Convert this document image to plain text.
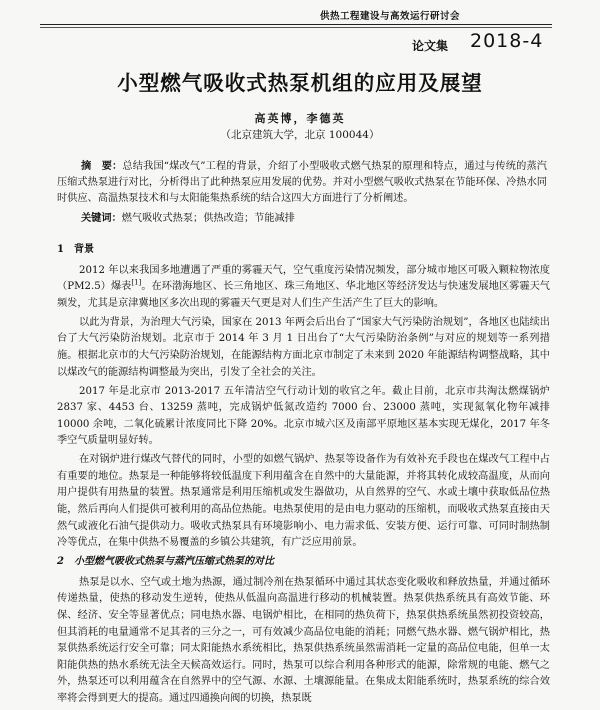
供热工程建设与高效运行研讨会
论文集 2018-4
小型燃气吸收式热泵机组的应用及展望
高英博，李德英
（北京建筑大学，北京 100044）
摘　要：总结我国“煤改气”工程的背景，介绍了小型吸收式燃气热泵的原理和特点，通过与传统的蒸汽压缩式热泵进行对比，分析得出了此种热泵应用发展的优势。并对小型燃气吸收式热泵在节能环保、冷热水同时供应、高温热泵技术和与太阳能集热系统的结合这四大方面进行了分析阐述。
关键词：燃气吸收式热泵；供热改造；节能减排
1　背景

2012 年以来我国多地遭遇了严重的雾霾天气，空气重度污染情况频发，部分城市地区可吸入颗粒物浓度（PM2.5）爆表[1]。在环渤海地区、长三角地区、珠三角地区、华北地区等经济发达与快速发展地区雾霾天气频发，尤其是京津冀地区多次出现的雾霾天气更是对人们生产生活产生了巨大的影响。

以此为背景，为治理大气污染，国家在 2013 年两会后出台了“国家大气污染防治规划”，各地区也陆续出台了大气污染防治规划。北京市于 2014 年 3 月 1 日出台了“大气污染防治条例”与对应的规划等一系列措施。根据北京市的大气污染防治规划，在能源结构方面北京市制定了未来到 2020 年能源结构调整战略，其中以煤改气的能源结构调整最为突出，引发了全社会的关注。

2017 年是北京市 2013-2017 五年清洁空气行动计划的收官之年。截止目前，北京市共淘汰燃煤锅炉 2837 家、4453 台、13259 蒸吨，完成锅炉低氮改造约 7000 台、23000 蒸吨，实现氮氧化物年减排 10000 余吨，二氧化硫累计浓度同比下降 20%。北京市城六区及南部平原地区基本实现无煤化，2017 年冬季空气质量明显好转。

在对锅炉进行煤改气替代的同时，小型的如燃气锅炉、热泵等设备作为有效补充手段也在煤改气工程中占有重要的地位。热泵是一种能够将较低温度下利用蕴含在自然中的大量能源，并将其转化成较高温度，从而向用户提供有用热量的装置。热泵通常是利用压缩机或发生器做功，从自然界的空气、水或土壤中获取低品位热能，然后再向人们提供可被利用的高品位热能。电热泵使用的是由电力驱动的压缩机，而吸收式热泵直接由天然气或液化石油气提供动力。吸收式热泵具有环境影响小、电力需求低、安装方便、运行可靠、可同时制热制冷等优点，在集中供热不易覆盖的乡镇公共建筑，有广泛应用前景。

2　小型燃气吸收式热泵与蒸汽压缩式热泵的对比

热泵是以水、空气或土地为热源，通过制冷剂在热泵循环中通过其状态变化吸收和释放热量，并通过循环传递热量，使热的移动发生逆转，使热从低温向高温进行移动的机械装置。热泵供热系统具有高效节能、环保、经济、安全等显著优点；同电热水器、电锅炉相比，在相同的热负荷下，热泵供热系统虽然初投资较高，但其消耗的电量通常不足其者的三分之一，可有效减少高品位电能的消耗；同燃气热水器、燃气锅炉相比，热泵供热系统运行安全可靠；同太阳能热水系统相比，热泵供热系统虽然需消耗一定量的高品位电能，但单一太阳能供热的热水系统无法全天候高效运行。同时，热泵可以综合利用各种形式的能源，除常规的电能、燃气之外，热泵还可以利用蕴含在自然界中的空气源、水源、土壤源能量。在集成太阳能系统时，热泵系统的综合效率将会得到更大的提高。通过四通换向阀的切换，热泵既
